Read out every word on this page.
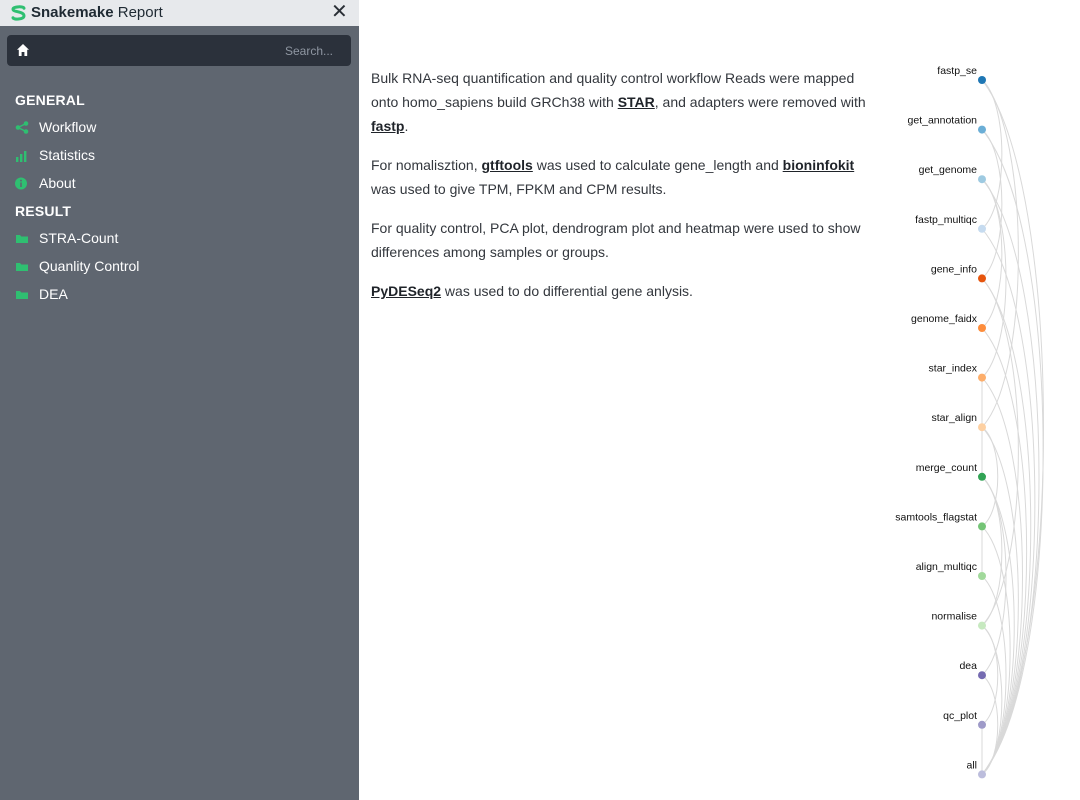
Snakemake Report	✕
Search...
GENERAL
Workflow
Statistics
About
RESULT
STRA-Count
Quanlity Control
DEA

Bulk RNA-seq quantification and quality control workflow Reads were mapped onto homo_sapiens build GRCh38 with STAR, and adapters were removed with fastp.

For nomalisztion, gtftools was used to calculate gene_length and bioninfokit was used to give TPM, FPKM and CPM results.

For quality control, PCA plot, dendrogram plot and heatmap were used to show differences among samples or groups.

PyDESeq2 was used to do differential gene anlysis.

fastp_se
get_annotation
get_genome
fastp_multiqc
gene_info
genome_faidx
star_index
star_align
merge_count
samtools_flagstat
align_multiqc
normalise
dea
qc_plot
all
